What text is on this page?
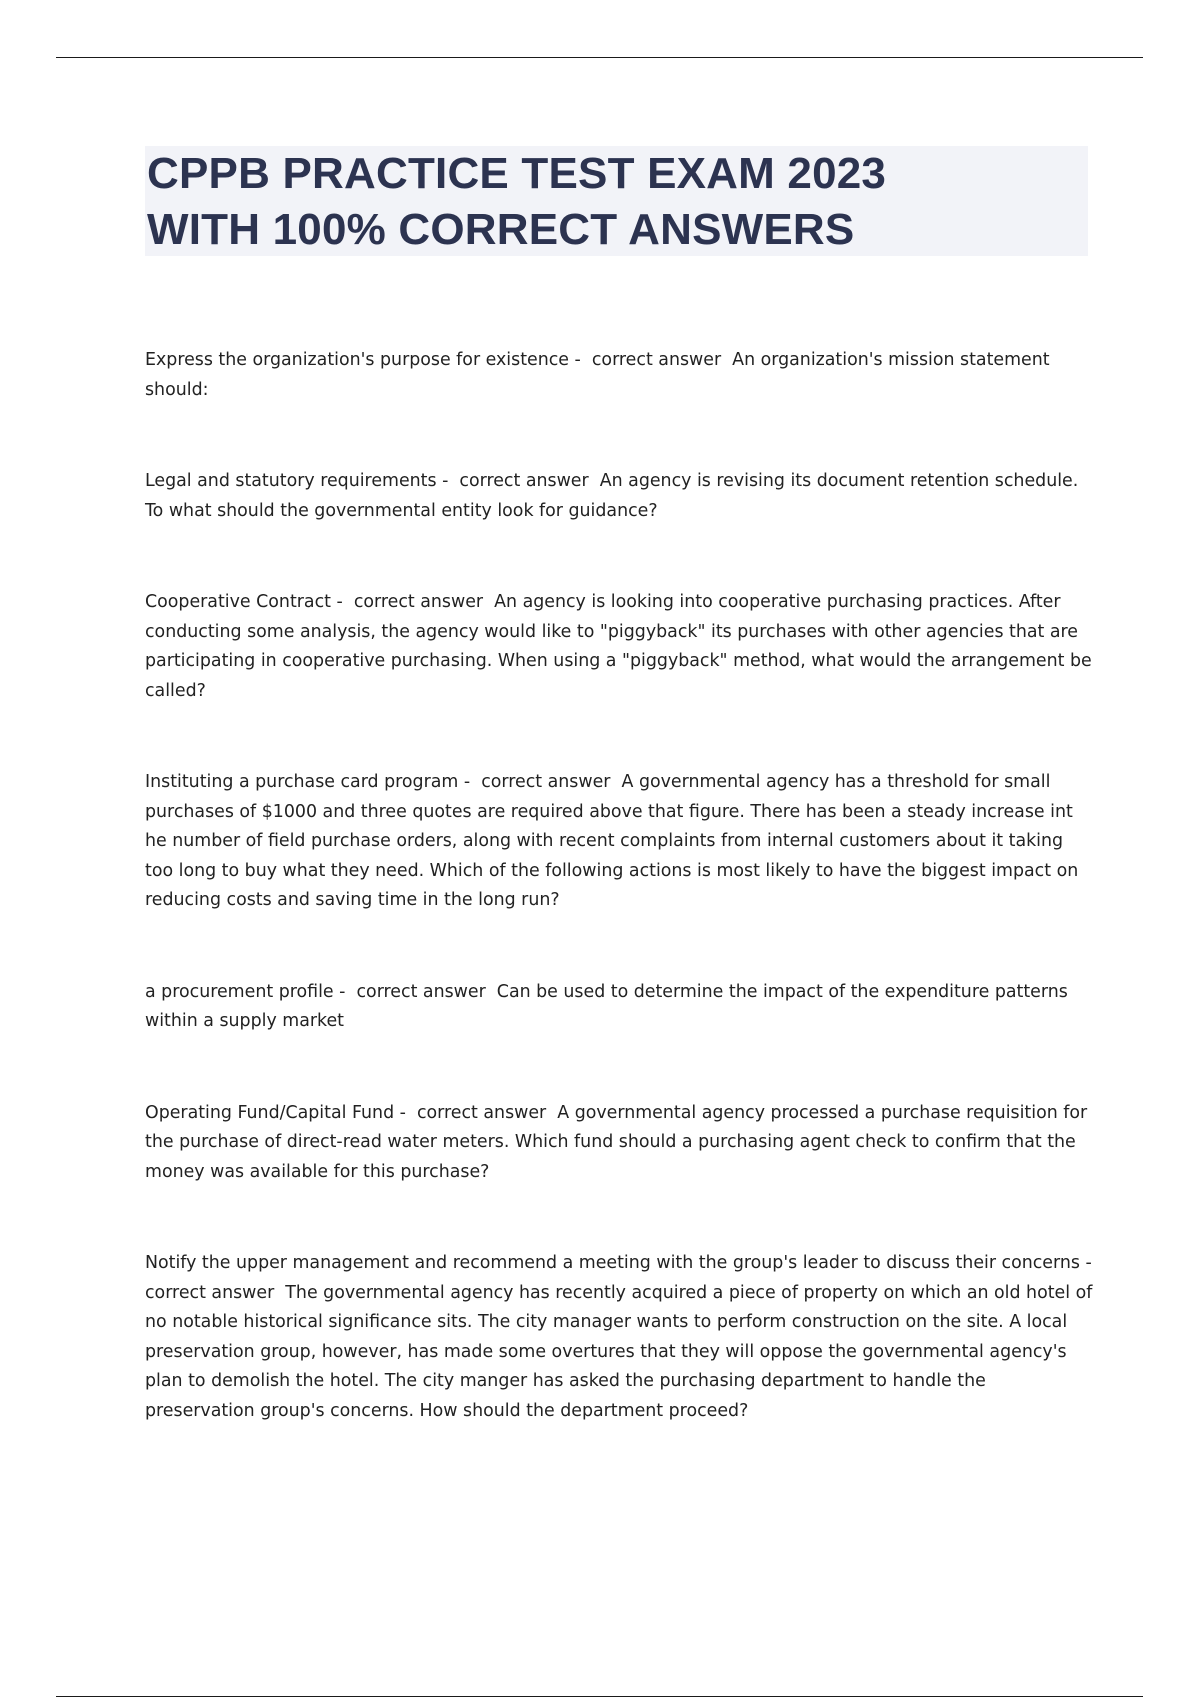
CPPB PRACTICE TEST EXAM 2023
WITH 100% CORRECT ANSWERS

Express the organization's purpose for existence -  correct answer  An organization's mission statement should:

Legal and statutory requirements -  correct answer  An agency is revising its document retention schedule. To what should the governmental entity look for guidance?

Cooperative Contract -  correct answer  An agency is looking into cooperative purchasing practices. After conducting some analysis, the agency would like to "piggyback" its purchases with other agencies that are participating in cooperative purchasing. When using a "piggyback" method, what would the arrangement be called?

Instituting a purchase card program -  correct answer  A governmental agency has a threshold for small purchases of $1000 and three quotes are required above that figure. There has been a steady increase int he number of field purchase orders, along with recent complaints from internal customers about it taking too long to buy what they need. Which of the following actions is most likely to have the biggest impact on reducing costs and saving time in the long run?

a procurement profile -  correct answer  Can be used to determine the impact of the expenditure patterns within a supply market

Operating Fund/Capital Fund -  correct answer  A governmental agency processed a purchase requisition for the purchase of direct-read water meters. Which fund should a purchasing agent check to confirm that the money was available for this purchase?

Notify the upper management and recommend a meeting with the group's leader to discuss their concerns -  correct answer  The governmental agency has recently acquired a piece of property on which an old hotel of no notable historical significance sits. The city manager wants to perform construction on the site. A local preservation group, however, has made some overtures that they will oppose the governmental agency's plan to demolish the hotel. The city manger has asked the purchasing department to handle the preservation group's concerns. How should the department proceed?
